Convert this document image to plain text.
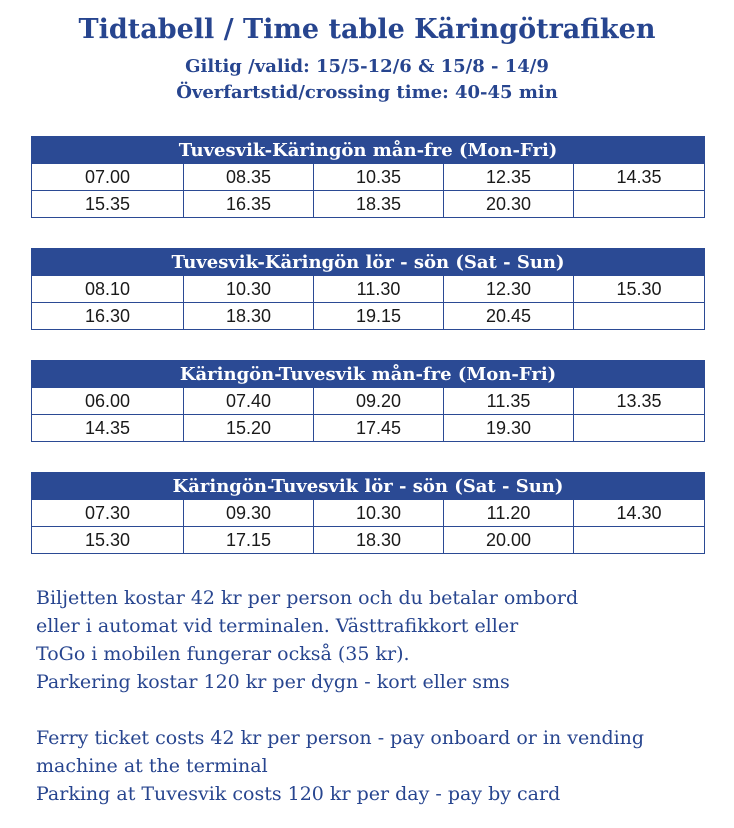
Tidtabell / Time table Käringötrafiken
Giltig /valid: 15/5-12/6 & 15/8 - 14/9
Överfartstid/crossing time: 40-45 min
Tuvesvik-Käringön mån-fre (Mon-Fri)				
07.00	08.35	10.35	12.35	14.35
15.35	16.35	18.35	20.30	
Tuvesvik-Käringön lör - sön (Sat - Sun)				
08.10	10.30	11.30	12.30	15.30
16.30	18.30	19.15	20.45	
Käringön-Tuvesvik mån-fre (Mon-Fri)				
06.00	07.40	09.20	11.35	13.35
14.35	15.20	17.45	19.30	
Käringön-Tuvesvik lör - sön (Sat - Sun)				
07.30	09.30	10.30	11.20	14.30
15.30	17.15	18.30	20.00	
Biljetten kostar 42 kr per person och du betalar ombord
eller i automat vid terminalen. Västtrafikkort eller
ToGo i mobilen fungerar också (35 kr).
Parkering kostar 120 kr per dygn - kort eller sms
Ferry ticket costs 42 kr per person - pay onboard or in vending
machine at the terminal
Parking at Tuvesvik costs 120 kr per day - pay by card
